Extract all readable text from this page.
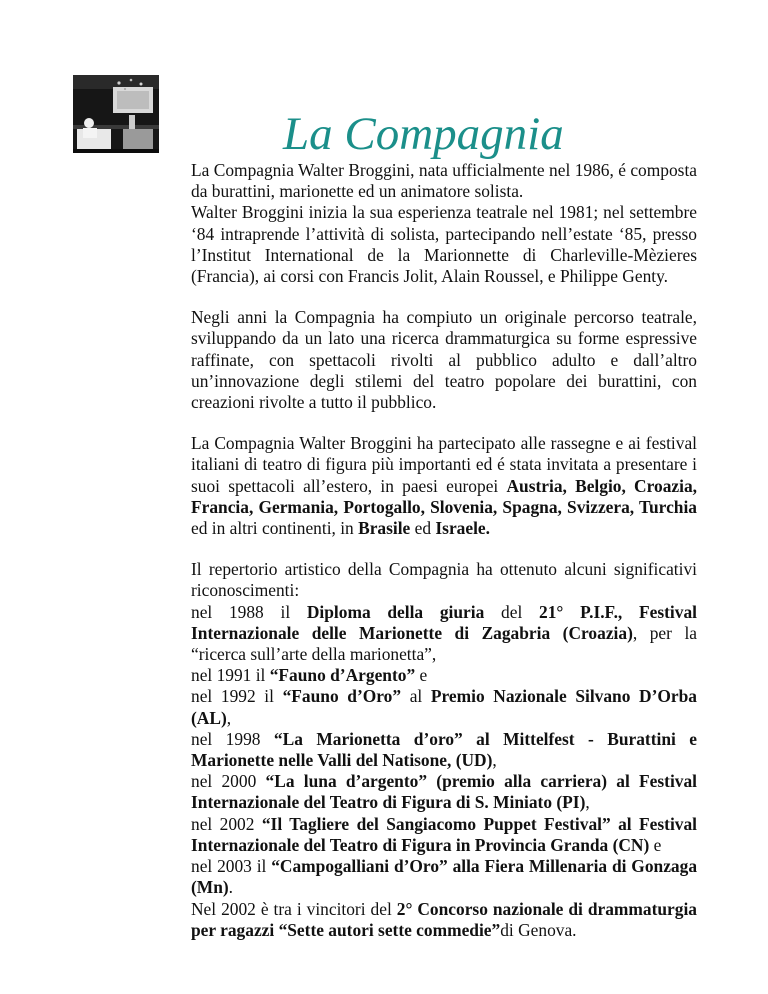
La Compagnia

La Compagnia Walter Broggini, nata ufficialmente nel 1986, é composta da burattini, marionette ed un animatore solista.

Walter Broggini inizia la sua esperienza teatrale nel 1981; nel settembre ‘84 intraprende l’attività di solista, partecipando nell’estate ‘85, presso l’Institut International de la Marionnette di Charleville-Mèzieres (Francia), ai corsi con Francis Jolit, Alain Roussel, e Philippe Genty.

Negli anni la Compagnia ha compiuto un originale percorso teatrale, sviluppando da un lato una ricerca drammaturgica su forme espressive raffinate, con spettacoli rivolti al pubblico adulto e dall’altro un’innovazione degli stilemi del teatro popolare dei burattini, con creazioni rivolte a tutto il pubblico.

La Compagnia Walter Broggini ha partecipato alle rassegne e ai festival italiani di teatro di figura più importanti ed é stata invitata a presentare i suoi spettacoli all’estero, in paesi europei Austria, Belgio, Croazia, Francia, Germania, Portogallo, Slovenia, Spagna, Svizzera, Turchia ed in altri continenti, in Brasile ed Israele.

Il repertorio artistico della Compagnia ha ottenuto alcuni significativi riconoscimenti:

nel 1988 il Diploma della giuria del 21° P.I.F., Festival Internazionale delle Marionette di Zagabria (Croazia), per la “ricerca sull’arte della marionetta”,

nel 1991 il “Fauno d’Argento” e

nel 1992 il “Fauno d’Oro” al Premio Nazionale Silvano D’Orba (AL),

nel 1998 “La Marionetta d’oro” al Mittelfest - Burattini e Marionette nelle Valli del Natisone, (UD),

nel 2000 “La luna d’argento” (premio alla carriera) al Festival Internazionale del Teatro di Figura di S. Miniato (PI),

nel 2002 “Il Tagliere del Sangiacomo Puppet Festival” al Festival Internazionale del Teatro di Figura in Provincia Granda (CN) e

nel 2003 il “Campogalliani d’Oro” alla Fiera Millenaria di Gonzaga (Mn).

Nel 2002 è tra i vincitori del 2° Concorso nazionale di drammaturgia per ragazzi “Sette autori sette commedie”di Genova.
